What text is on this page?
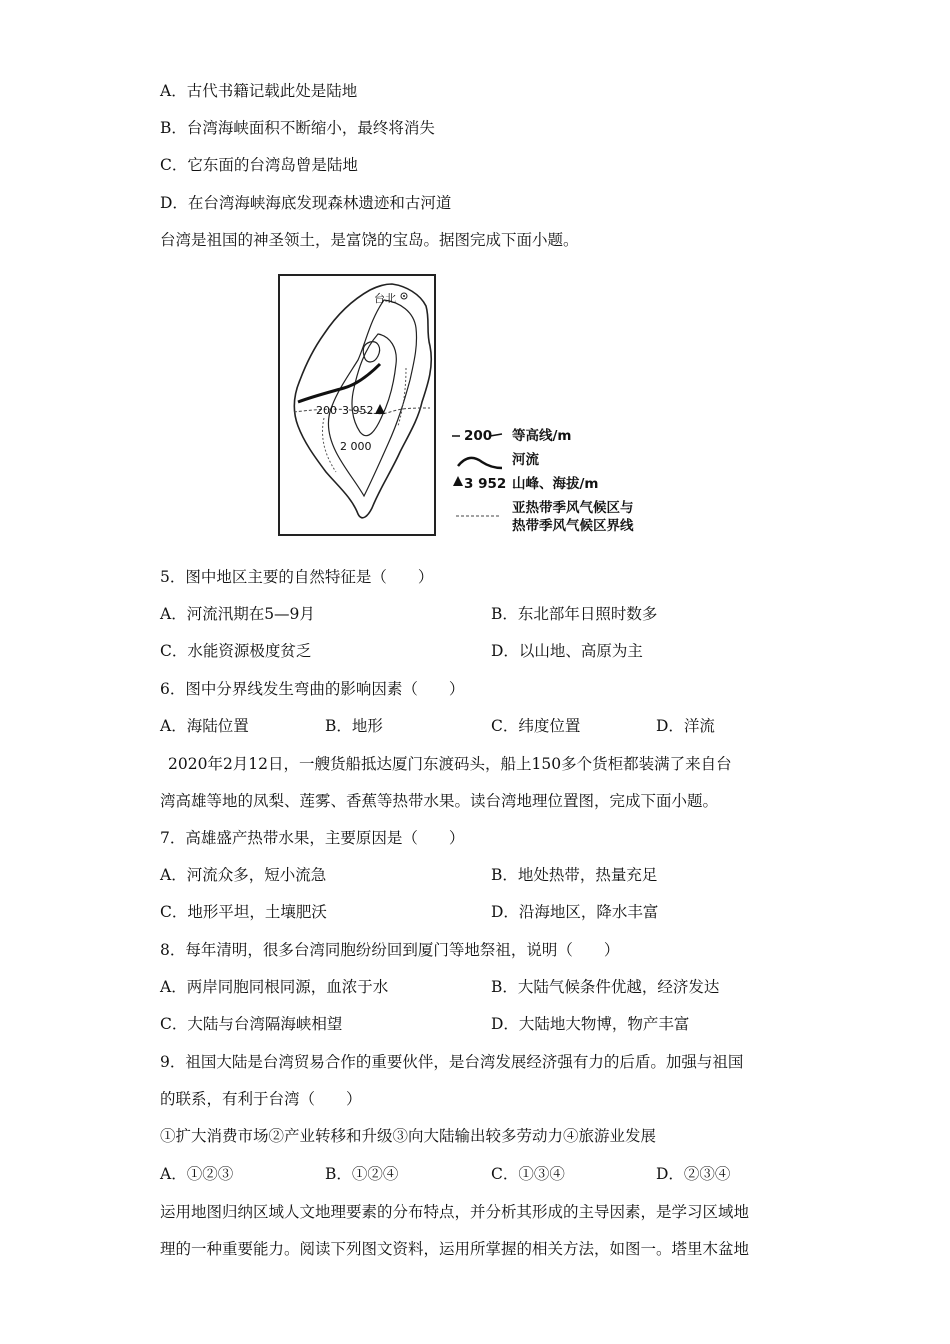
A．古代书籍记载此处是陆地
B．台湾海峡面积不断缩小，最终将消失
C．它东面的台湾岛曾是陆地
D．在台湾海峡海底发现森林遗迹和古河道
台湾是祖国的神圣领土，是富饶的宝岛。据图完成下面小题。
台北
200 3 952
2 000
200 等高线/m
河流
3 952 山峰、海拔/m
亚热带季风气候区与
热带季风气候区界线
5．图中地区主要的自然特征是（　　）
A．河流汛期在5—9月	B．东北部年日照时数多
C．水能资源极度贫乏	D．以山地、高原为主
6．图中分界线发生弯曲的影响因素（　　）
A．海陆位置	B．地形	C．纬度位置	D．洋流
2020年2月12日，一艘货船抵达厦门东渡码头，船上150多个货柜都装满了来自台
湾高雄等地的凤梨、莲雾、香蕉等热带水果。读台湾地理位置图，完成下面小题。
7．高雄盛产热带水果，主要原因是（　　）
A．河流众多，短小流急	B．地处热带，热量充足
C．地形平坦，土壤肥沃	D．沿海地区，降水丰富
8．每年清明，很多台湾同胞纷纷回到厦门等地祭祖，说明（　　）
A．两岸同胞同根同源，血浓于水	B．大陆气候条件优越，经济发达
C．大陆与台湾隔海峡相望	D．大陆地大物博，物产丰富
9．祖国大陆是台湾贸易合作的重要伙伴，是台湾发展经济强有力的后盾。加强与祖国
的联系，有利于台湾（　　）
①扩大消费市场②产业转移和升级③向大陆输出较多劳动力④旅游业发展
A．①②③	B．①②④	C．①③④	D．②③④
运用地图归纳区域人文地理要素的分布特点，并分析其形成的主导因素，是学习区域地
理的一种重要能力。阅读下列图文资料，运用所掌握的相关方法，如图一。塔里木盆地
